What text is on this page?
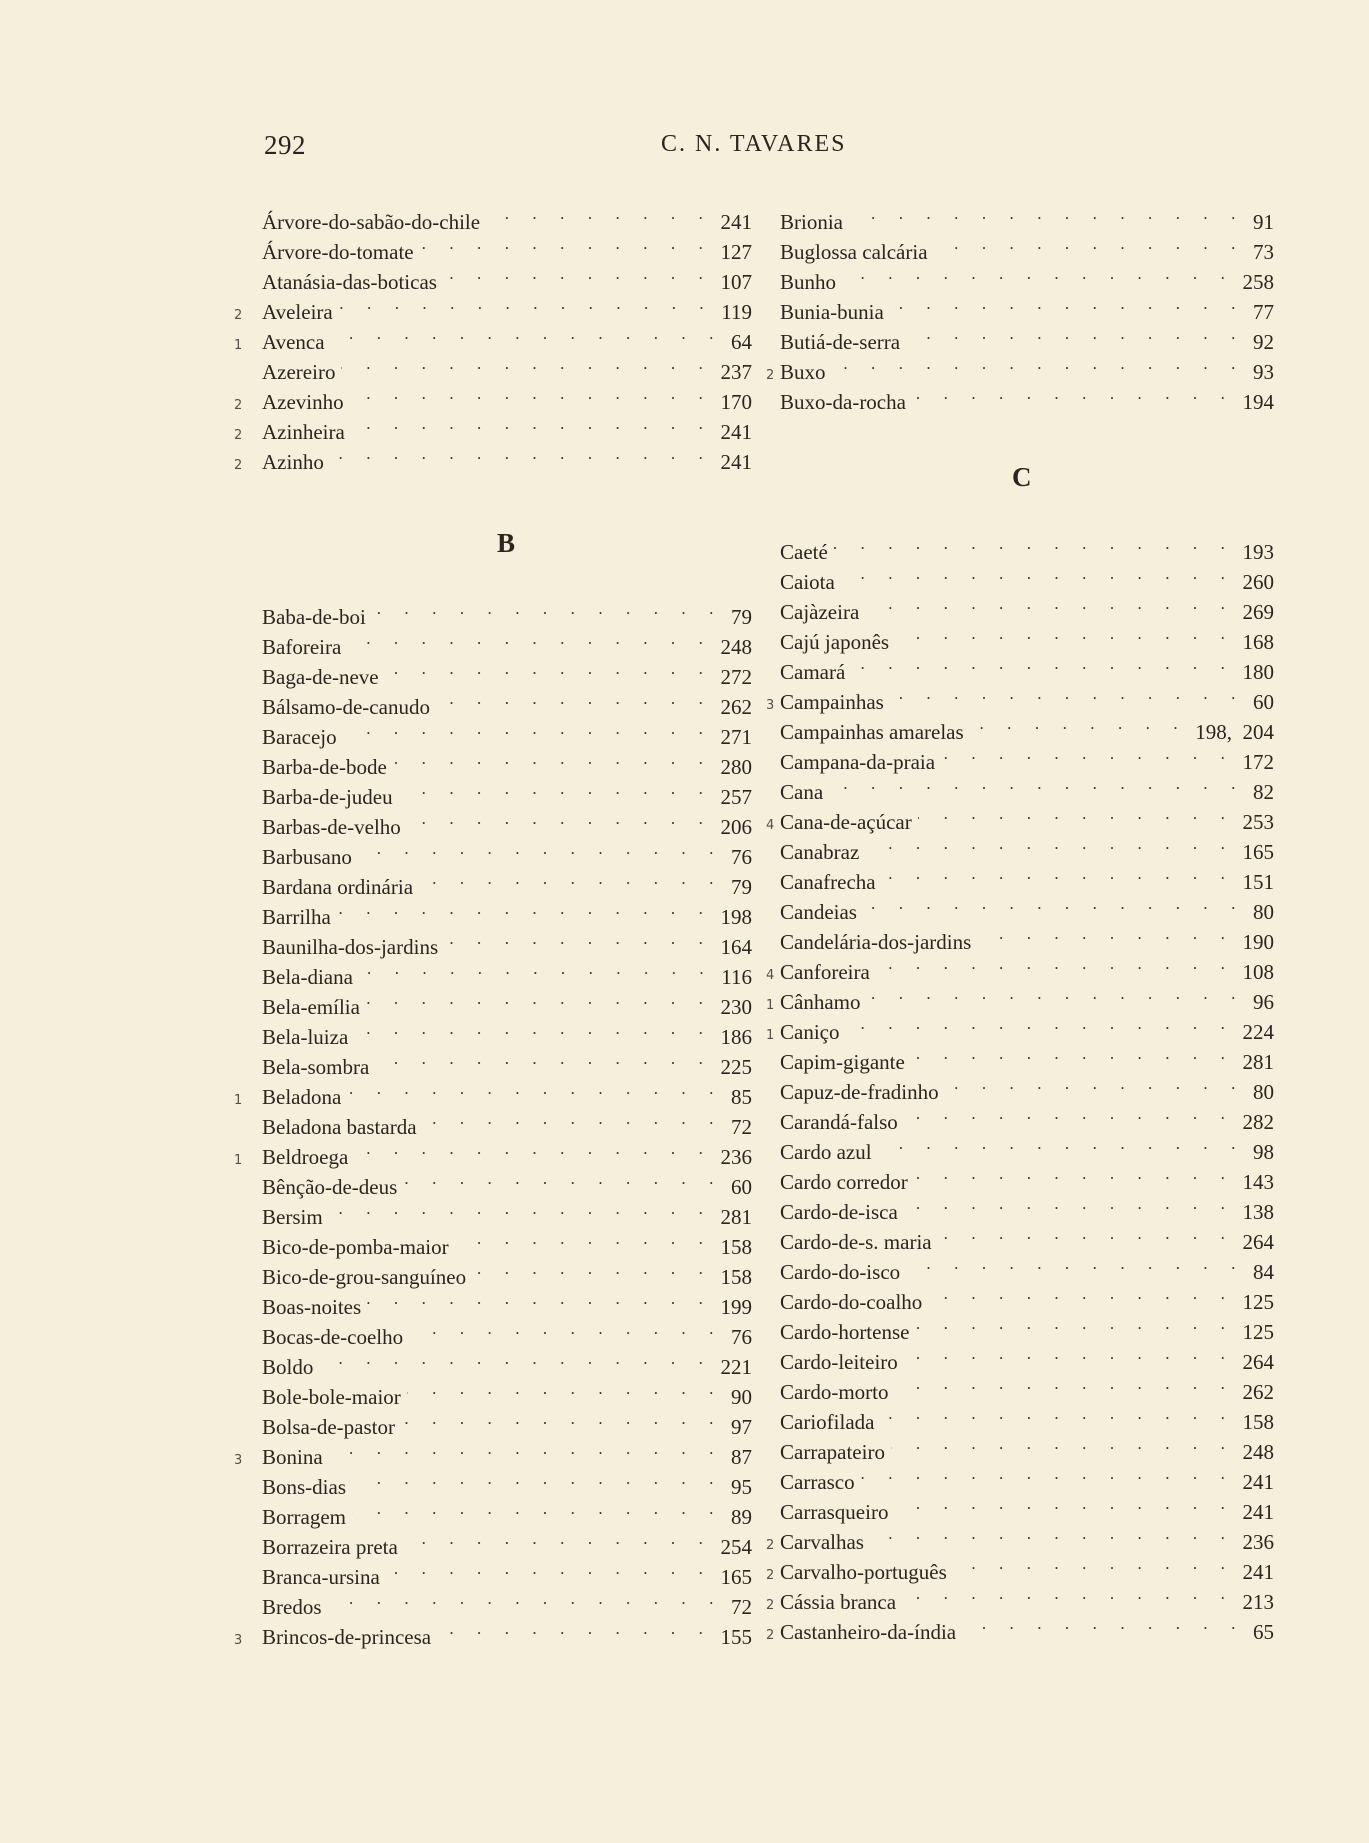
292	C. N. TAVARES
Árvore-do-sabão-do-chile . . .	241
Árvore-do-tomate . . .	127
Atanásia-das-boticas . . .	107
2 Aveleira . . .	119
1 Avenca . . .	64
Azereiro . . .	237
2 Azevinho . . .	170
2 Azinheira . . .	241
2 Azinho . . .	241
B
Baba-de-boi . . .	79
Baforeira . . .	248
Baga-de-neve . . .	272
Bálsamo-de-canudo . . .	262
Baracejo . . .	271
Barba-de-bode . . .	280
Barba-de-judeu . . .	257
Barbas-de-velho . . .	206
Barbusano . . .	76
Bardana ordinária . . .	79
Barrilha . . .	198
Baunilha-dos-jardins . . .	164
Bela-diana . . .	116
Bela-emília . . .	230
Bela-luiza . . .	186
Bela-sombra . . .	225
1 Beladona . . .	85
Beladona bastarda . . .	72
1 Beldroega . . .	236
Bênção-de-deus . . .	60
Bersim . . .	281
Bico-de-pomba-maior . . .	158
Bico-de-grou-sanguíneo . . .	158
Boas-noites . . .	199
Bocas-de-coelho . . .	76
Boldo . . .	221
Bole-bole-maior . . .	90
Bolsa-de-pastor . . .	97
3 Bonina . . .	87
Bons-dias . . .	95
Borragem . . .	89
Borrazeira preta . . .	254
Branca-ursina . . .	165
Bredos . . .	72
3 Brincos-de-princesa . . .	155
Brionia . . .	91
Buglossa calcária . . .	73
Bunho . . .	258
Bunia-bunia . . .	77
Butiá-de-serra . . .	92
2 Buxo . . .	93
Buxo-da-rocha . . .	194
C
Caeté . . .	193
Caiota . . .	260
Cajàzeira . . .	269
Cajú japonês . . .	168
Camará . . .	180
3 Campainhas . . .	60
Campainhas amarelas . . .	198,  204
Campana-da-praia . . .	172
Cana . . .	82
4 Cana-de-açúcar . . .	253
Canabraz . . .	165
Canafrecha . . .	151
Candeias . . .	80
Candelária-dos-jardins . . .	190
4 Canforeira . . .	108
1 Cânhamo . . .	96
1 Caniço . . .	224
Capim-gigante . . .	281
Capuz-de-fradinho . . .	80
Carandá-falso . . .	282
Cardo azul . . .	98
Cardo corredor . . .	143
Cardo-de-isca . . .	138
Cardo-de-s. maria . . .	264
Cardo-do-isco . . .	84
Cardo-do-coalho . . .	125
Cardo-hortense . . .	125
Cardo-leiteiro . . .	264
Cardo-morto . . .	262
Cariofilada . . .	158
Carrapateiro . . .	248
Carrasco . . .	241
Carrasqueiro . . .	241
2 Carvalhas . . .	236
2 Carvalho-português . . .	241
2 Cássia branca . . .	213
2 Castanheiro-da-índia . . .	65
